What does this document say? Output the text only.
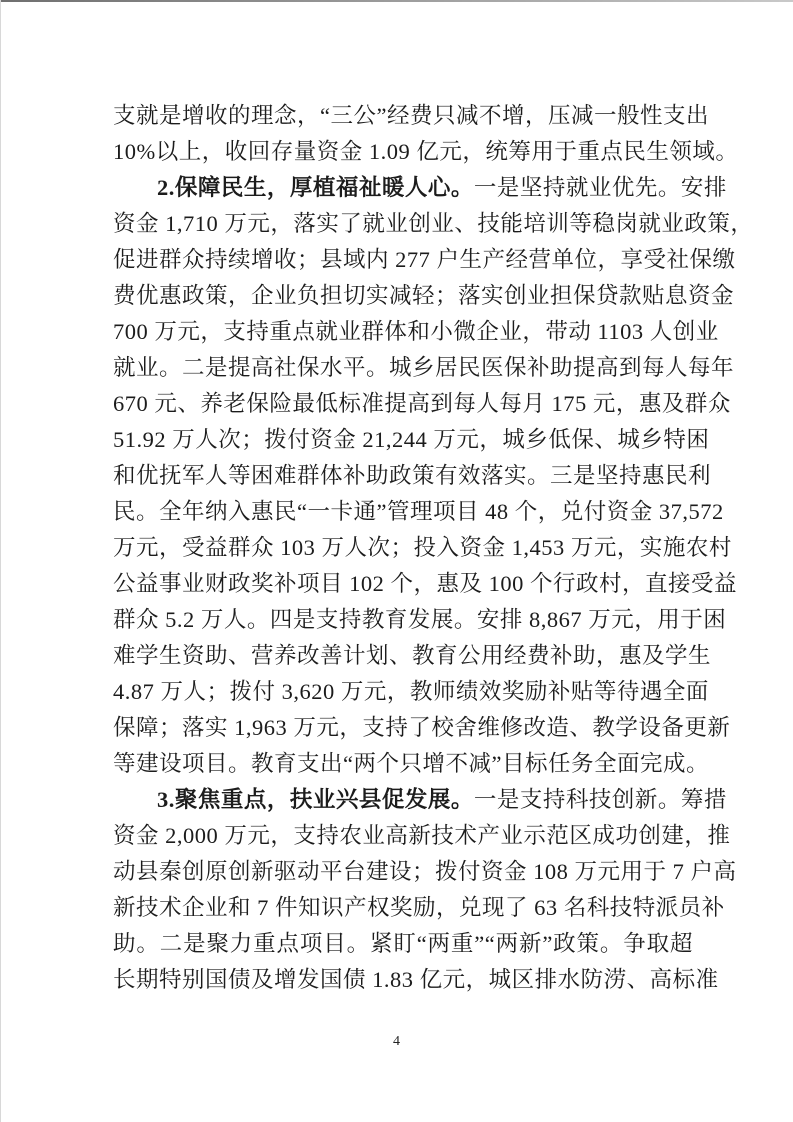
支就是增收的理念，“三公”经费只减不增，压减一般性支出
10%以上，收回存量资金 1.09 亿元，统筹用于重点民生领域。
2.保障民生，厚植福祉暖人心。一是坚持就业优先。安排
资金 1,710 万元，落实了就业创业、技能培训等稳岗就业政策，
促进群众持续增收；县域内 277 户生产经营单位，享受社保缴
费优惠政策，企业负担切实减轻；落实创业担保贷款贴息资金
700 万元，支持重点就业群体和小微企业，带动 1103 人创业
就业。二是提高社保水平。城乡居民医保补助提高到每人每年
670 元、养老保险最低标准提高到每人每月 175 元，惠及群众
51.92 万人次；拨付资金 21,244 万元，城乡低保、城乡特困
和优抚军人等困难群体补助政策有效落实。三是坚持惠民利
民。全年纳入惠民“一卡通”管理项目 48 个，兑付资金 37,572
万元，受益群众 103 万人次；投入资金 1,453 万元，实施农村
公益事业财政奖补项目 102 个，惠及 100 个行政村，直接受益
群众 5.2 万人。四是支持教育发展。安排 8,867 万元，用于困
难学生资助、营养改善计划、教育公用经费补助，惠及学生
4.87 万人；拨付 3,620 万元，教师绩效奖励补贴等待遇全面
保障；落实 1,963 万元，支持了校舍维修改造、教学设备更新
等建设项目。教育支出“两个只增不减”目标任务全面完成。
3.聚焦重点，扶业兴县促发展。一是支持科技创新。筹措
资金 2,000 万元，支持农业高新技术产业示范区成功创建，推
动县秦创原创新驱动平台建设；拨付资金 108 万元用于 7 户高
新技术企业和 7 件知识产权奖励，兑现了 63 名科技特派员补
助。二是聚力重点项目。紧盯“两重”“两新”政策。争取超
长期特别国债及增发国债 1.83 亿元，城区排水防涝、高标准
4
